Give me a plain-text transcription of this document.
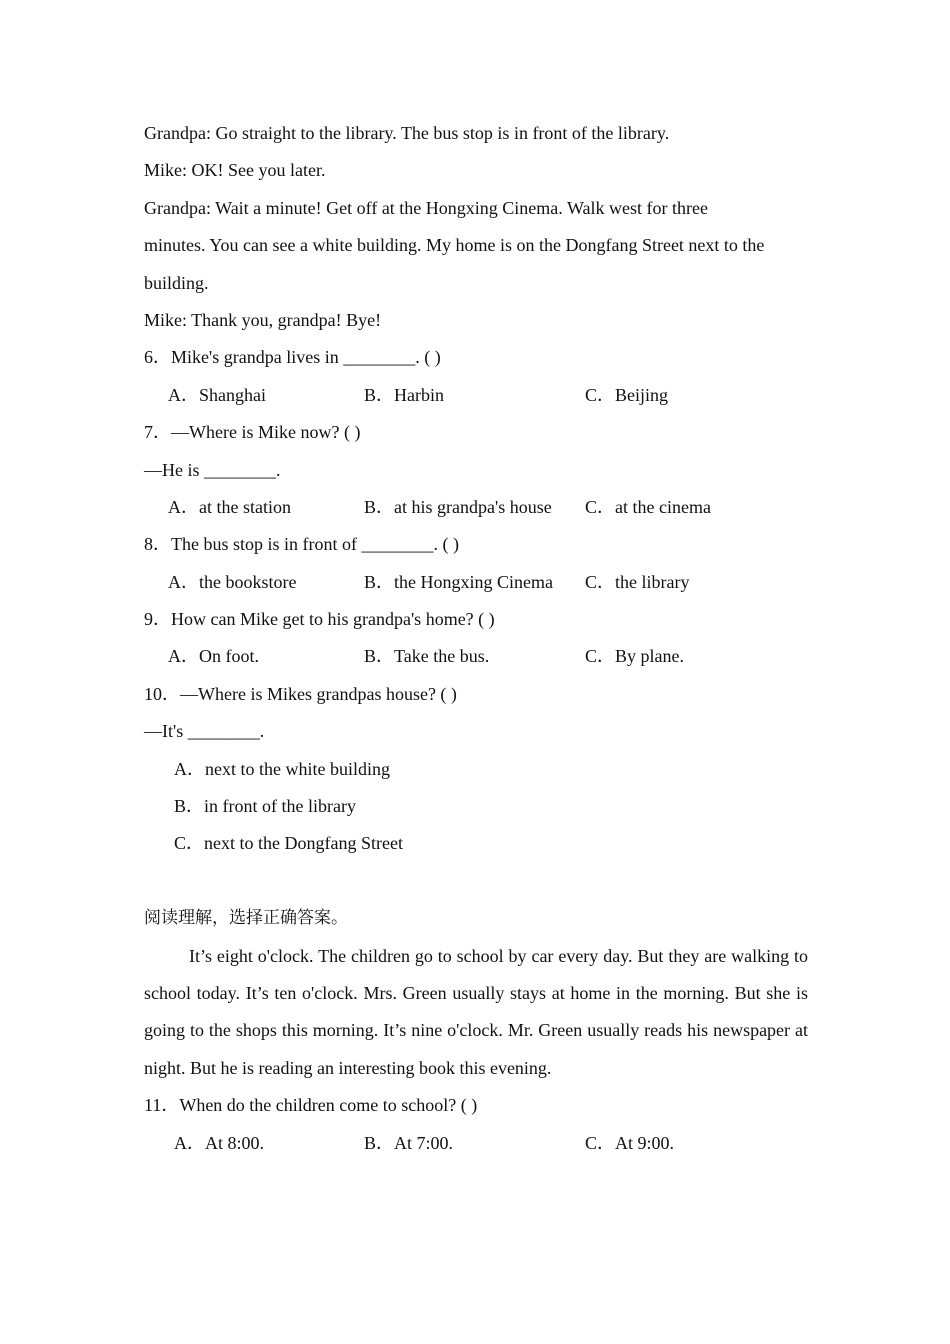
Grandpa: Go straight to the library. The bus stop is in front of the library.
Mike: OK! See you later.
Grandpa: Wait a minute! Get off at the Hongxing Cinema. Walk west for three
minutes. You can see a white building. My home is on the Dongfang Street next to the
building.
Mike: Thank you, grandpa! Bye!
6．Mike's grandpa lives in ________. ( )
A．Shanghai	B．Harbin	C．Beijing
7．—Where is Mike now? ( )
—He is ________.
A．at the station	B．at his grandpa's house C．at the cinema
8．The bus stop is in front of ________. ( )
A．the bookstore	B．the Hongxing Cinema C．the library
9．How can Mike get to his grandpa's home? ( )
A．On foot.	B．Take the bus.	C．By plane.
10．—Where is Mikes grandpas house? ( )
—It's ________.
A．next to the white building
B．in front of the library
C．next to the Dongfang Street
阅读理解，选择正确答案。

It’s eight o'clock. The children go to school by car every day. But they are walking to school today. It’s ten o'clock. Mrs. Green usually stays at home in the morning. But she is going to the shops this morning. It’s nine o'clock. Mr. Green usually reads his newspaper at night. But he is reading an interesting book this evening.

11．When do the children come to school? ( )
A．At 8:00.	B．At 7:00.	C．At 9:00.
